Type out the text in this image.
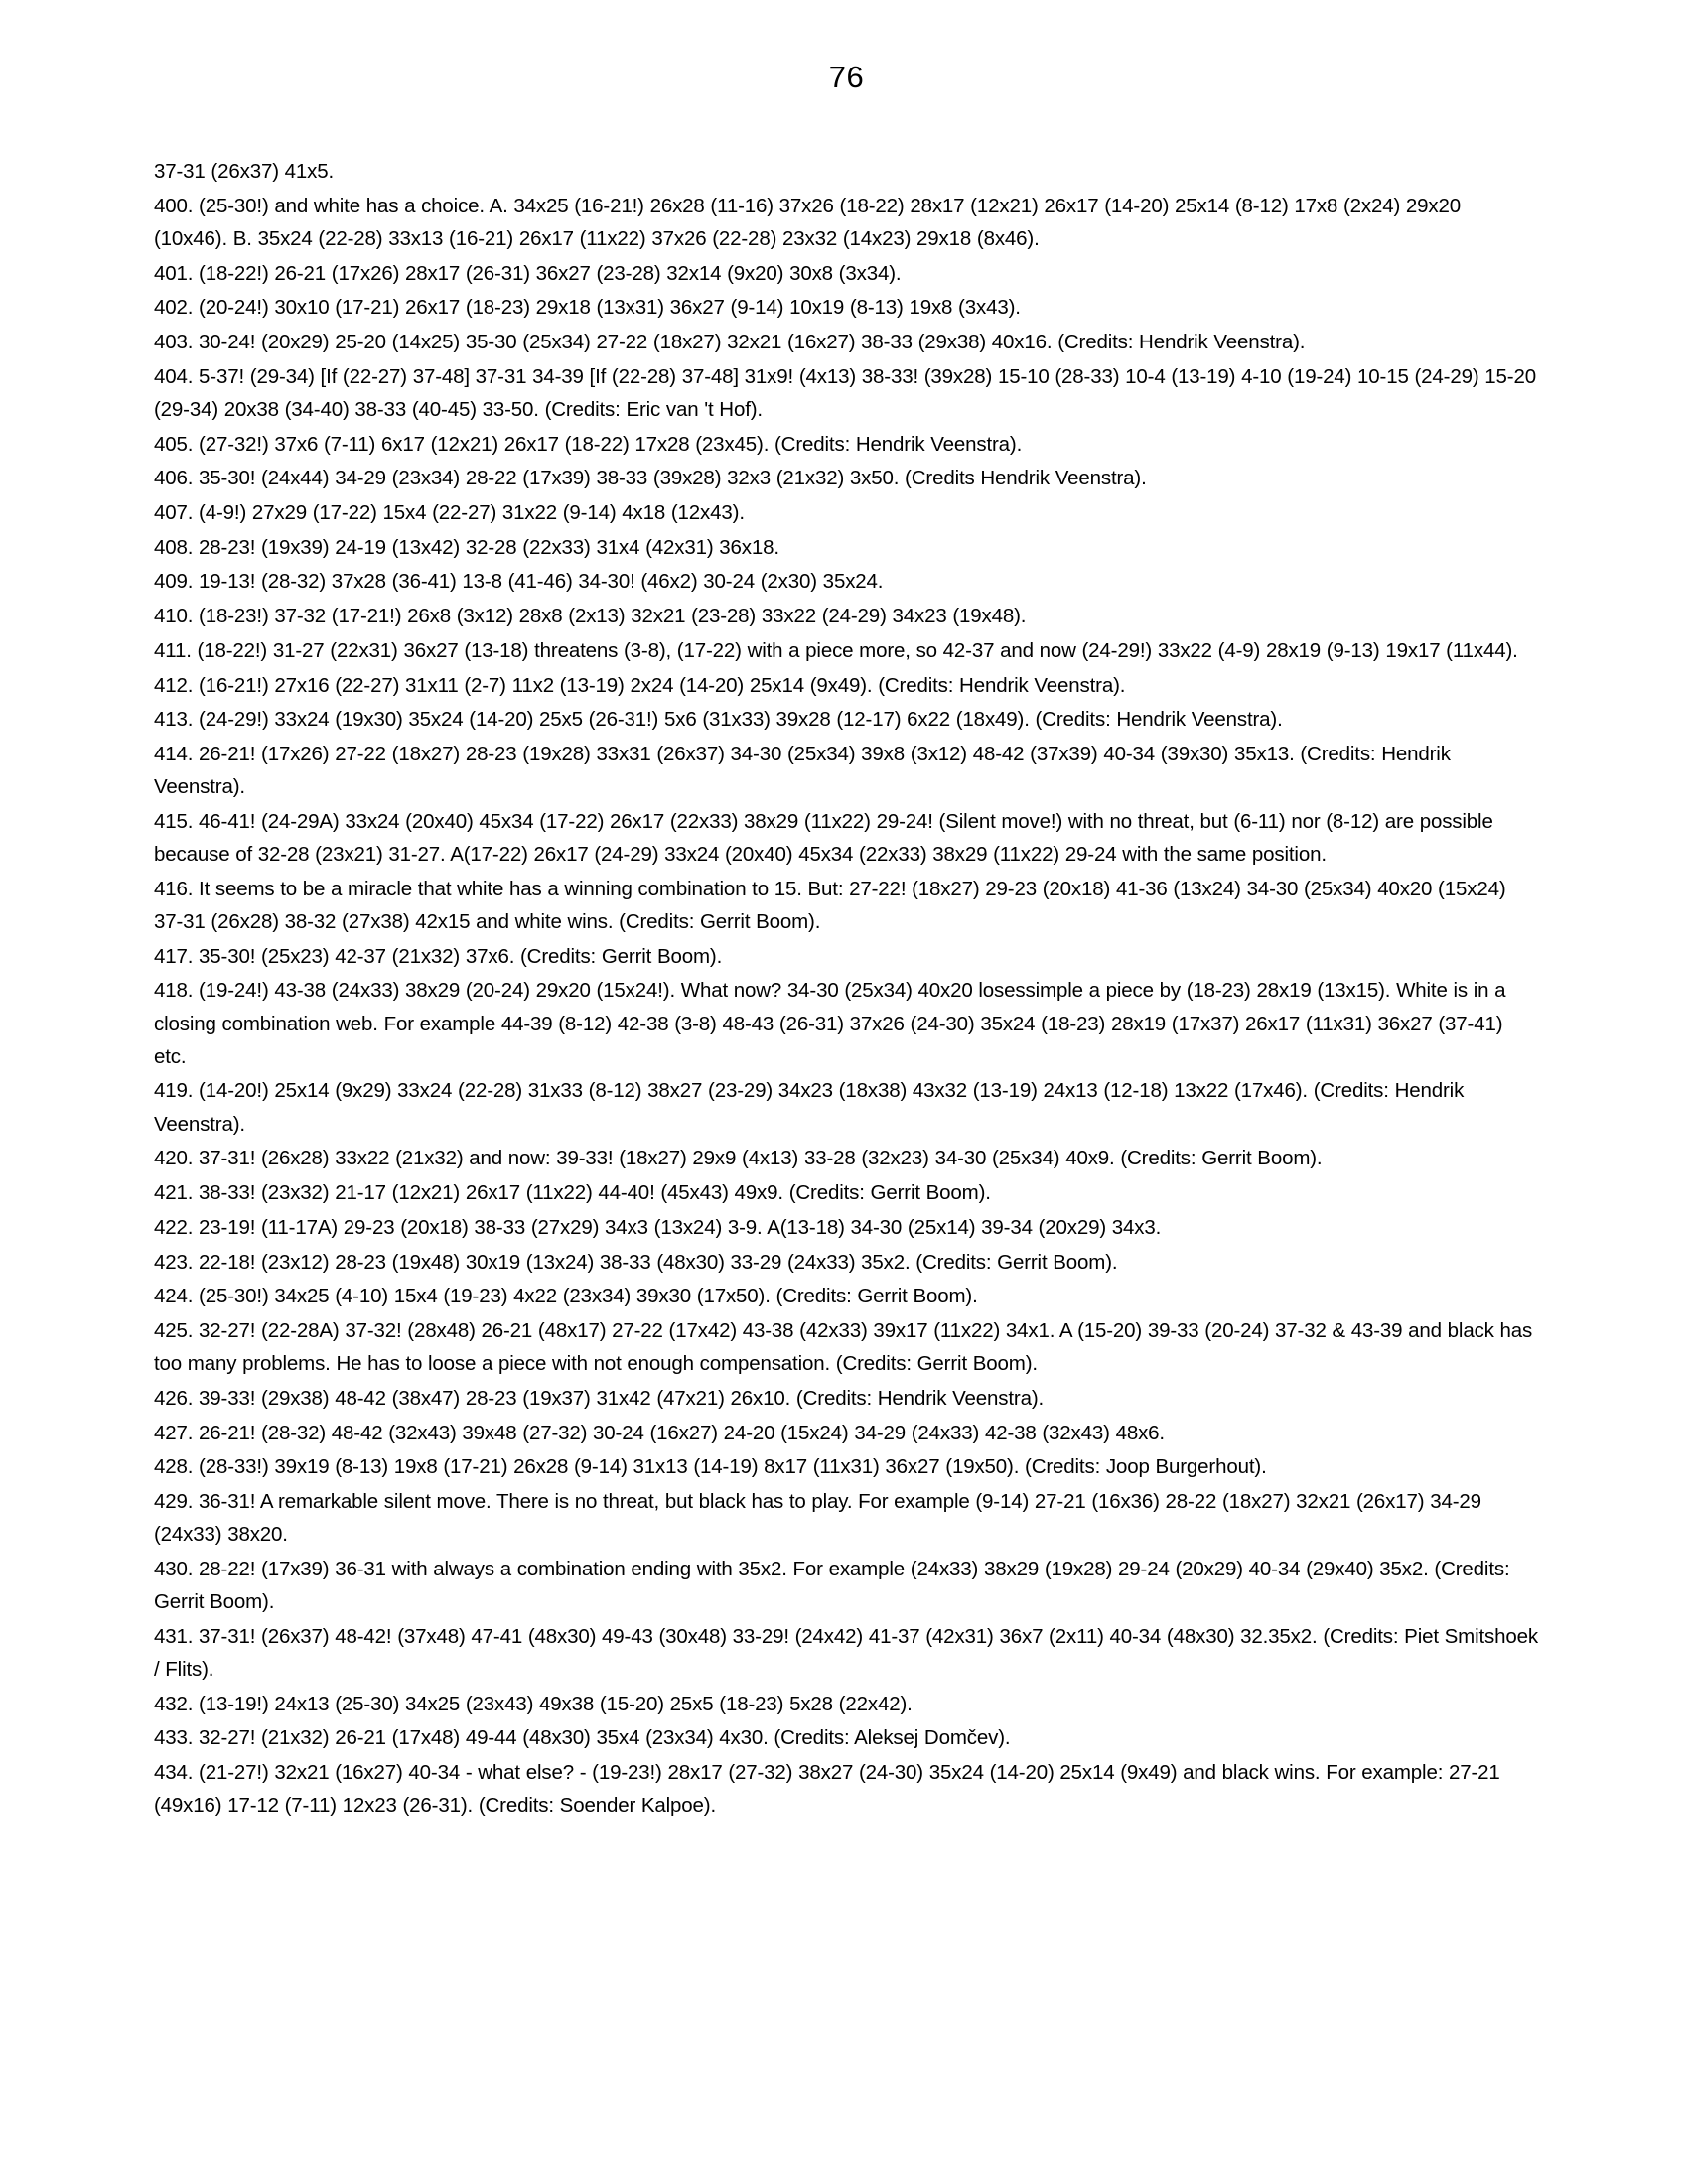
76

37-31 (26x37) 41x5.

400. (25-30!) and white has a choice. A. 34x25 (16-21!) 26x28 (11-16) 37x26 (18-22) 28x17 (12x21) 26x17 (14-20) 25x14 (8-12) 17x8 (2x24) 29x20 (10x46). B. 35x24 (22-28) 33x13 (16-21) 26x17 (11x22) 37x26 (22-28) 23x32 (14x23) 29x18 (8x46).

401. (18-22!) 26-21 (17x26) 28x17 (26-31) 36x27 (23-28) 32x14 (9x20) 30x8 (3x34).

402. (20-24!) 30x10 (17-21) 26x17 (18-23) 29x18 (13x31) 36x27 (9-14) 10x19 (8-13) 19x8 (3x43).

403. 30-24! (20x29) 25-20 (14x25) 35-30 (25x34) 27-22 (18x27) 32x21 (16x27) 38-33 (29x38) 40x16. (Credits: Hendrik Veenstra).

404. 5-37! (29-34) [If (22-27) 37-48] 37-31 34-39 [If (22-28) 37-48] 31x9! (4x13) 38-33! (39x28) 15-10 (28-33) 10-4 (13-19) 4-10 (19-24) 10-15 (24-29) 15-20 (29-34) 20x38 (34-40) 38-33 (40-45) 33-50. (Credits: Eric van 't Hof).

405. (27-32!) 37x6 (7-11) 6x17 (12x21) 26x17 (18-22) 17x28 (23x45). (Credits: Hendrik Veenstra).

406. 35-30! (24x44) 34-29 (23x34) 28-22 (17x39) 38-33 (39x28) 32x3 (21x32) 3x50. (Credits Hendrik Veenstra).

407. (4-9!) 27x29 (17-22) 15x4 (22-27) 31x22 (9-14) 4x18 (12x43).

408. 28-23! (19x39) 24-19 (13x42) 32-28 (22x33) 31x4 (42x31) 36x18.

409. 19-13! (28-32) 37x28 (36-41) 13-8 (41-46) 34-30! (46x2) 30-24 (2x30) 35x24.

410. (18-23!) 37-32 (17-21!) 26x8 (3x12) 28x8 (2x13) 32x21 (23-28) 33x22 (24-29) 34x23 (19x48).

411. (18-22!) 31-27 (22x31) 36x27 (13-18) threatens (3-8), (17-22) with a piece more, so 42-37 and now (24-29!) 33x22 (4-9) 28x19 (9-13) 19x17 (11x44).

412. (16-21!) 27x16 (22-27) 31x11 (2-7) 11x2 (13-19) 2x24 (14-20) 25x14 (9x49). (Credits: Hendrik Veenstra).

413. (24-29!) 33x24 (19x30) 35x24 (14-20) 25x5 (26-31!) 5x6 (31x33) 39x28 (12-17) 6x22 (18x49). (Credits: Hendrik Veenstra).

414. 26-21! (17x26) 27-22 (18x27) 28-23 (19x28) 33x31 (26x37) 34-30 (25x34) 39x8 (3x12) 48-42 (37x39) 40-34 (39x30) 35x13. (Credits: Hendrik Veenstra).

415. 46-41! (24-29A) 33x24 (20x40) 45x34 (17-22) 26x17 (22x33) 38x29 (11x22) 29-24! (Silent move!) with no threat, but (6-11) nor (8-12) are possible because of 32-28 (23x21) 31-27. A(17-22) 26x17 (24-29) 33x24 (20x40) 45x34 (22x33) 38x29 (11x22) 29-24 with the same position.

416. It seems to be a miracle that white has a winning combination to 15. But: 27-22! (18x27) 29-23 (20x18) 41-36 (13x24) 34-30 (25x34) 40x20 (15x24) 37-31 (26x28) 38-32 (27x38) 42x15 and white wins. (Credits: Gerrit Boom).

417. 35-30! (25x23) 42-37 (21x32) 37x6. (Credits: Gerrit Boom).

418. (19-24!) 43-38 (24x33) 38x29 (20-24) 29x20 (15x24!). What now? 34-30 (25x34) 40x20 losessimple a piece by (18-23) 28x19 (13x15). White is in a closing combination web. For example 44-39 (8-12) 42-38 (3-8) 48-43 (26-31) 37x26 (24-30) 35x24 (18-23) 28x19 (17x37) 26x17 (11x31) 36x27 (37-41) etc.

419. (14-20!) 25x14 (9x29) 33x24 (22-28) 31x33 (8-12) 38x27 (23-29) 34x23 (18x38) 43x32 (13-19) 24x13 (12-18) 13x22 (17x46). (Credits: Hendrik Veenstra).

420. 37-31! (26x28) 33x22 (21x32) and now: 39-33! (18x27) 29x9 (4x13) 33-28 (32x23) 34-30 (25x34) 40x9. (Credits: Gerrit Boom).

421. 38-33! (23x32) 21-17 (12x21) 26x17 (11x22) 44-40! (45x43) 49x9. (Credits: Gerrit Boom).

422. 23-19! (11-17A) 29-23 (20x18) 38-33 (27x29) 34x3 (13x24) 3-9. A(13-18) 34-30 (25x14) 39-34 (20x29) 34x3.

423. 22-18! (23x12) 28-23 (19x48) 30x19 (13x24) 38-33 (48x30) 33-29 (24x33) 35x2. (Credits: Gerrit Boom).

424. (25-30!) 34x25 (4-10) 15x4 (19-23) 4x22 (23x34) 39x30 (17x50). (Credits: Gerrit Boom).

425. 32-27! (22-28A) 37-32! (28x48) 26-21 (48x17) 27-22 (17x42) 43-38 (42x33) 39x17 (11x22) 34x1. A (15-20) 39-33 (20-24) 37-32 & 43-39 and black has too many problems. He has to loose a piece with not enough compensation. (Credits: Gerrit Boom).

426. 39-33! (29x38) 48-42 (38x47) 28-23 (19x37) 31x42 (47x21) 26x10. (Credits: Hendrik Veenstra).

427. 26-21! (28-32) 48-42 (32x43) 39x48 (27-32) 30-24 (16x27) 24-20 (15x24) 34-29 (24x33) 42-38 (32x43) 48x6.

428. (28-33!) 39x19 (8-13) 19x8 (17-21) 26x28 (9-14) 31x13 (14-19) 8x17 (11x31) 36x27 (19x50). (Credits: Joop Burgerhout).

429. 36-31! A remarkable silent move. There is no threat, but black has to play. For example (9-14) 27-21 (16x36) 28-22 (18x27) 32x21 (26x17) 34-29 (24x33) 38x20.

430. 28-22! (17x39) 36-31 with always a combination ending with 35x2. For example (24x33) 38x29 (19x28) 29-24 (20x29) 40-34 (29x40) 35x2. (Credits: Gerrit Boom).

431. 37-31! (26x37) 48-42! (37x48) 47-41 (48x30) 49-43 (30x48) 33-29! (24x42) 41-37 (42x31) 36x7 (2x11) 40-34 (48x30) 32.35x2. (Credits: Piet Smitshoek / Flits).

432. (13-19!) 24x13 (25-30) 34x25 (23x43) 49x38 (15-20) 25x5 (18-23) 5x28 (22x42).

433. 32-27! (21x32) 26-21 (17x48) 49-44 (48x30) 35x4 (23x34) 4x30. (Credits: Aleksej Domčev).

434. (21-27!) 32x21 (16x27) 40-34 - what else? - (19-23!) 28x17 (27-32) 38x27 (24-30) 35x24 (14-20) 25x14 (9x49) and black wins. For example: 27-21 (49x16) 17-12 (7-11) 12x23 (26-31). (Credits: Soender Kalpoe).
